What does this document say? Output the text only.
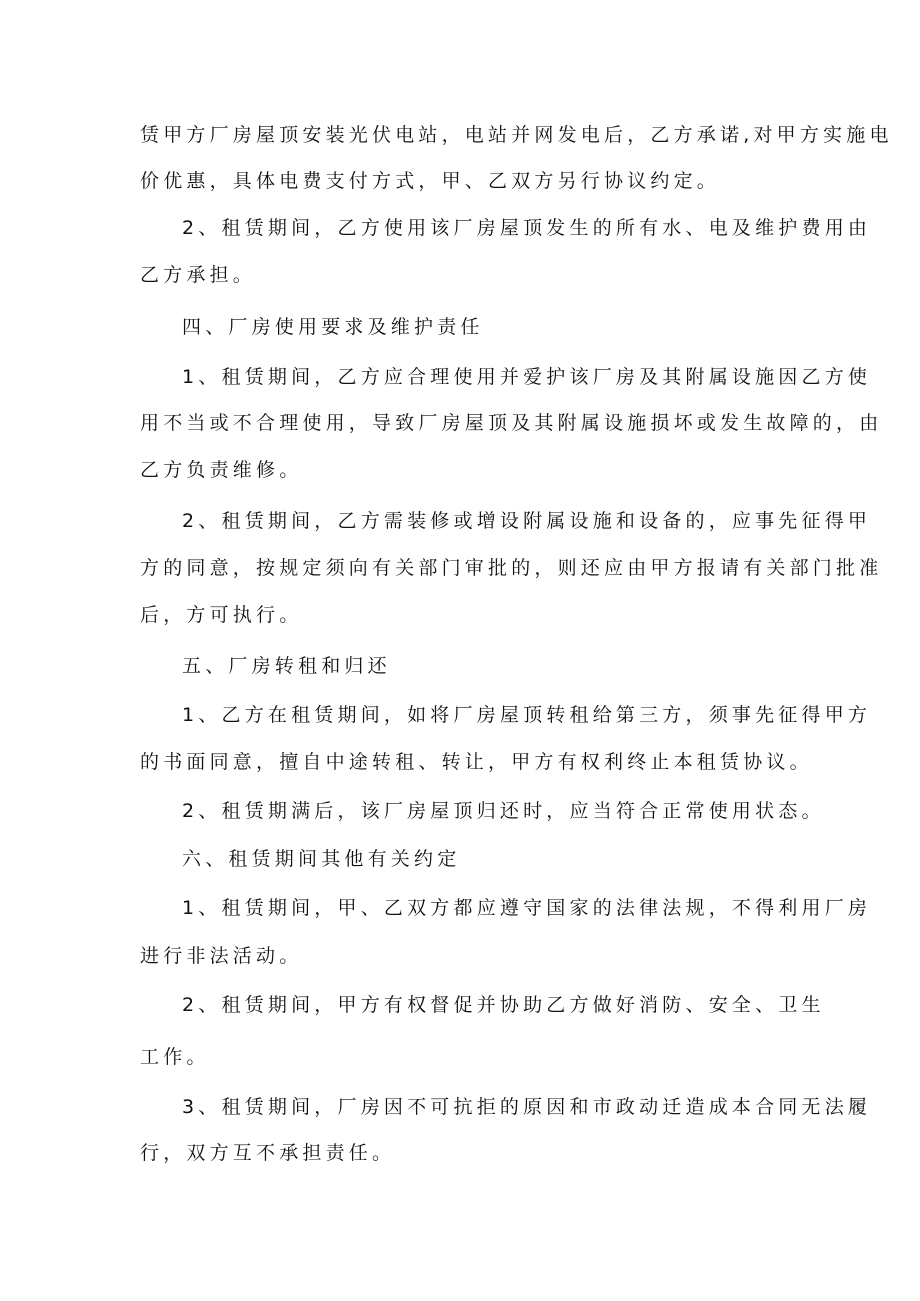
赁甲方厂房屋顶安装光伏电站，电站并网发电后，乙方承诺,对甲方实施电
价优惠，具体电费支付方式，甲、乙双方另行协议约定。
2、租赁期间，乙方使用该厂房屋顶发生的所有水、电及维护费用由
乙方承担。
四、厂房使用要求及维护责任
1、租赁期间，乙方应合理使用并爱护该厂房及其附属设施因乙方使
用不当或不合理使用，导致厂房屋顶及其附属设施损坏或发生故障的，由
乙方负责维修。
2、租赁期间，乙方需装修或增设附属设施和设备的，应事先征得甲
方的同意，按规定须向有关部门审批的，则还应由甲方报请有关部门批准
后，方可执行。
五、厂房转租和归还
1、乙方在租赁期间，如将厂房屋顶转租给第三方，须事先征得甲方
的书面同意，擅自中途转租、转让，甲方有权利终止本租赁协议。
2、租赁期满后，该厂房屋顶归还时，应当符合正常使用状态。
六、租赁期间其他有关约定
1、租赁期间，甲、乙双方都应遵守国家的法律法规，不得利用厂房
进行非法活动。
2、租赁期间，甲方有权督促并协助乙方做好消防、安全、卫生
工作。
3、租赁期间，厂房因不可抗拒的原因和市政动迁造成本合同无法履
行，双方互不承担责任。
